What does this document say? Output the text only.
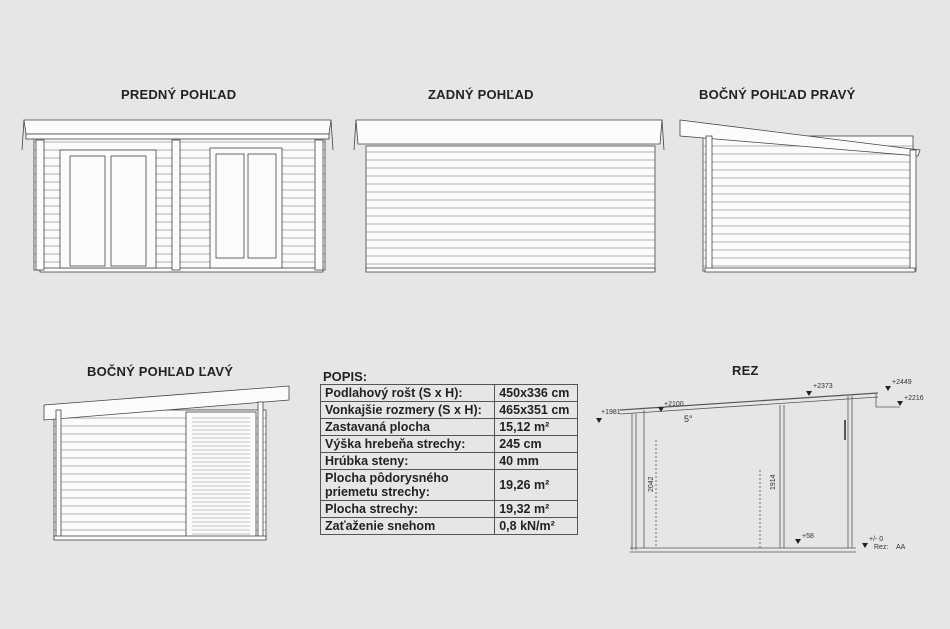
PREDNÝ POHĽAD	ZADNÝ POHĽAD	BOČNÝ POHĽAD PRAVÝ
BOČNÝ POHĽAD ĽAVÝ	REZ
+1981
+2100
+2373
+2449
+2216
+58	+/- 0
5°
2042	1914
Rez: AA
POPIS:
Podlahový rošt (S x H):	450x336 cm
Vonkajšie rozmery (S x H):	465x351 cm
Zastavaná plocha	15,12 m²
Výška hrebeňa strechy:	245 cm
Hrúbka steny:	40 mm
Plocha pôdorysného priemetu strechy:	19,26 m²
Plocha strechy:	19,32 m²
Zaťaženie snehom	0,8 kN/m²
